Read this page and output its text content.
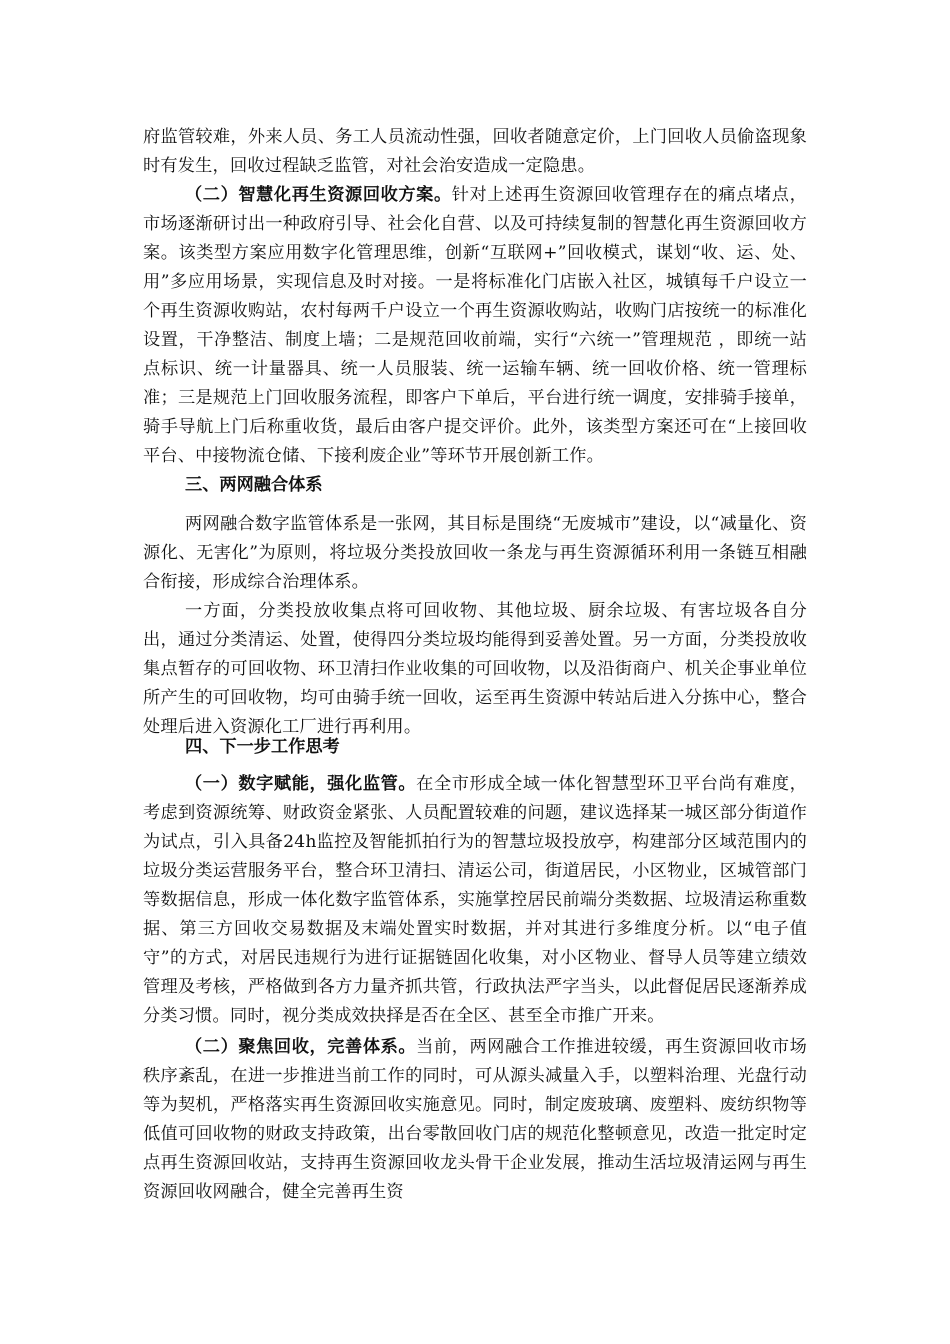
府监管较难，外来人员、务工人员流动性强，回收者随意定价，上门回收人员偷盗现象时有发生，回收过程缺乏监管，对社会治安造成一定隐患。

（二）智慧化再生资源回收方案。针对上述再生资源回收管理存在的痛点堵点，市场逐渐研讨出一种政府引导、社会化自营、以及可持续复制的智慧化再生资源回收方案。该类型方案应用数字化管理思维，创新“互联网+”回收模式，谋划“收、运、处、用”多应用场景，实现信息及时对接。一是将标准化门店嵌入社区，城镇每千户设立一个再生资源收购站，农村每两千户设立一个再生资源收购站，收购门店按统一的标准化设置，干净整洁、制度上墙；二是规范回收前端，实行“六统一”管理规范 ，即统一站点标识、统一计量器具、统一人员服装、统一运输车辆、统一回收价格、统一管理标准；三是规范上门回收服务流程，即客户下单后，平台进行统一调度，安排骑手接单，骑手导航上门后称重收货，最后由客户提交评价。此外，该类型方案还可在“上接回收平台、中接物流仓储、下接利废企业”等环节开展创新工作。

三、两网融合体系

两网融合数字监管体系是一张网，其目标是围绕“无废城市”建设，以“减量化、资源化、无害化”为原则，将垃圾分类投放回收一条龙与再生资源循环利用一条链互相融合衔接，形成综合治理体系。

一方面，分类投放收集点将可回收物、其他垃圾、厨余垃圾、有害垃圾各自分出，通过分类清运、处置，使得四分类垃圾均能得到妥善处置。另一方面，分类投放收集点暂存的可回收物、环卫清扫作业收集的可回收物，以及沿街商户、机关企事业单位所产生的可回收物，均可由骑手统一回收，运至再生资源中转站后进入分拣中心，整合处理后进入资源化工厂进行再利用。

四、下一步工作思考

（一）数字赋能，强化监管。在全市形成全域一体化智慧型环卫平台尚有难度，考虑到资源统筹、财政资金紧张、人员配置较难的问题，建议选择某一城区部分街道作为试点，引入具备24h监控及智能抓拍行为的智慧垃圾投放亭，构建部分区域范围内的垃圾分类运营服务平台，整合环卫清扫、清运公司，街道居民，小区物业，区城管部门等数据信息，形成一体化数字监管体系，实施掌控居民前端分类数据、垃圾清运称重数据、第三方回收交易数据及末端处置实时数据，并对其进行多维度分析。以“电子值守”的方式，对居民违规行为进行证据链固化收集，对小区物业、督导人员等建立绩效管理及考核，严格做到各方力量齐抓共管，行政执法严字当头，以此督促居民逐渐养成分类习惯。同时，视分类成效抉择是否在全区、甚至全市推广开来。

（二）聚焦回收，完善体系。当前，两网融合工作推进较缓，再生资源回收市场秩序紊乱，在进一步推进当前工作的同时，可从源头减量入手，以塑料治理、光盘行动等为契机，严格落实再生资源回收实施意见。同时，制定废玻璃、废塑料、废纺织物等低值可回收物的财政支持政策，出台零散回收门店的规范化整顿意见，改造一批定时定点再生资源回收站，支持再生资源回收龙头骨干企业发展，推动生活垃圾清运网与再生资源回收网融合，健全完善再生资
